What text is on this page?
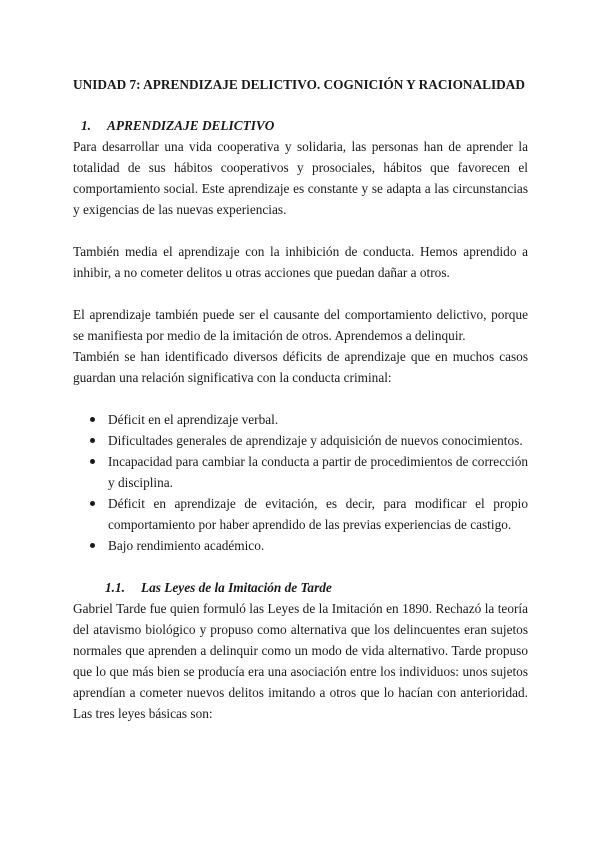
UNIDAD 7: APRENDIZAJE DELICTIVO. COGNICIÓN Y RACIONALIDAD
1. APRENDIZAJE DELICTIVO

Para desarrollar una vida cooperativa y solidaria, las personas han de aprender la totalidad de sus hábitos cooperativos y prosociales, hábitos que favorecen el comportamiento social. Este aprendizaje es constante y se adapta a las circunstancias y exigencias de las nuevas experiencias.

También media el aprendizaje con la inhibición de conducta. Hemos aprendido a inhibir, a no cometer delitos u otras acciones que puedan dañar a otros.

El aprendizaje también puede ser el causante del comportamiento delictivo, porque se manifiesta por medio de la imitación de otros. Aprendemos a delinquir.

También se han identificado diversos déficits de aprendizaje que en muchos casos guardan una relación significativa con la conducta criminal:

Déficit en el aprendizaje verbal.
Dificultades generales de aprendizaje y adquisición de nuevos conocimientos.
Incapacidad para cambiar la conducta a partir de procedimientos de corrección y disciplina.
Déficit en aprendizaje de evitación, es decir, para modificar el propio comportamiento por haber aprendido de las previas experiencias de castigo.
Bajo rendimiento académico.
1.1. Las Leyes de la Imitación de Tarde

Gabriel Tarde fue quien formuló las Leyes de la Imitación en 1890. Rechazó la teoría del atavismo biológico y propuso como alternativa que los delincuentes eran sujetos normales que aprenden a delinquir como un modo de vida alternativo. Tarde propuso que lo que más bien se producía era una asociación entre los individuos: unos sujetos aprendían a cometer nuevos delitos imitando a otros que lo hacían con anterioridad. Las tres leyes básicas son:
